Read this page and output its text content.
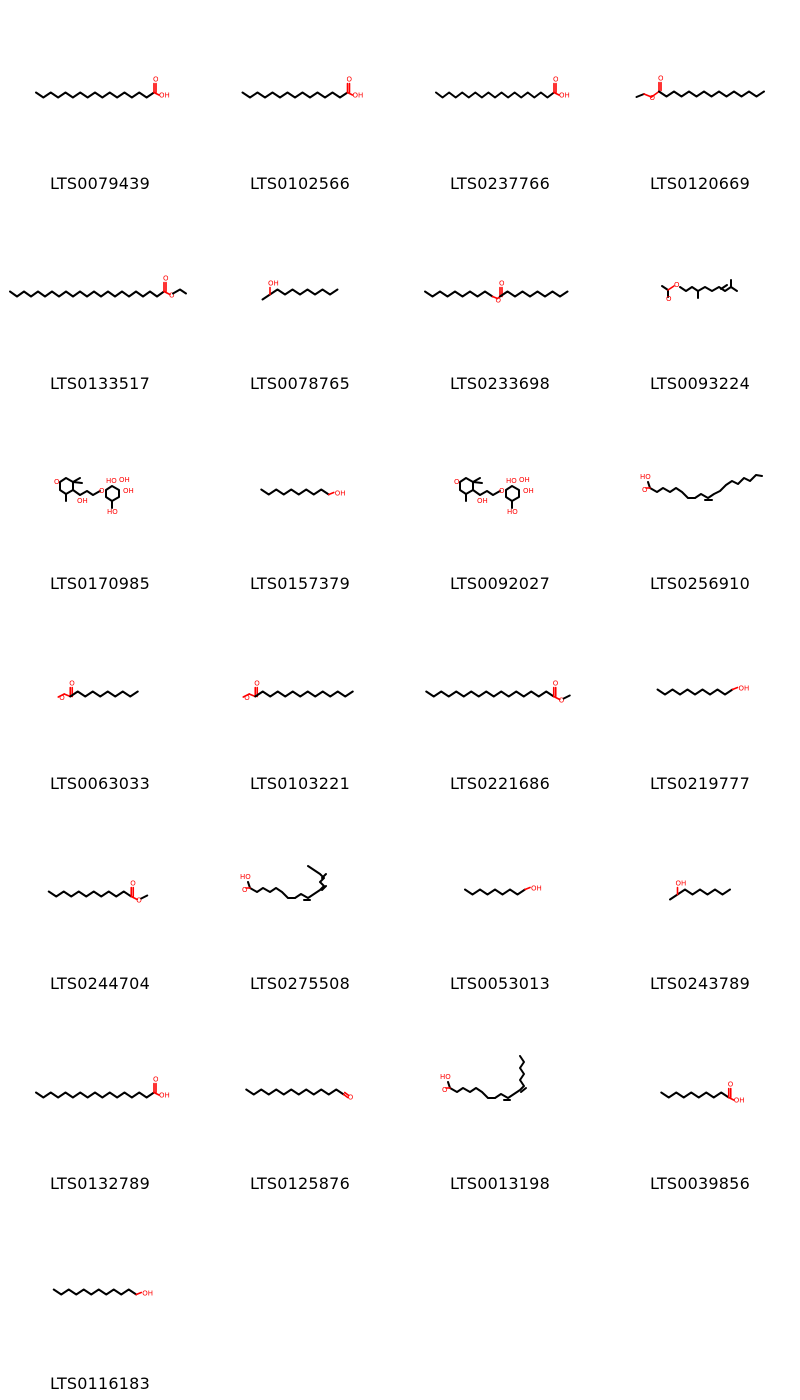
O
OH
LTS0079439
O
OH
LTS0102566
O
OH
LTS0237766
O
O
LTS0120669
O
O
LTS0133517
OH
LTS0078765
O
O
LTS0233698
O
O
LTS0093224
O
OH
O
HO OH
OH
HO
LTS0170985
OH
LTS0157379
O
OH
O
HO OH
OH
HO
LTS0092027
HO
O
LTS0256910
O
O
LTS0063033
O
O
LTS0103221
O
O
LTS0221686
OH
LTS0219777
O
O
LTS0244704
HO
O
LTS0275508
OH
LTS0053013
OH
LTS0243789
O
OH
LTS0132789
O
LTS0125876
HO
O
LTS0013198
O
OH
LTS0039856
OH
LTS0116183
